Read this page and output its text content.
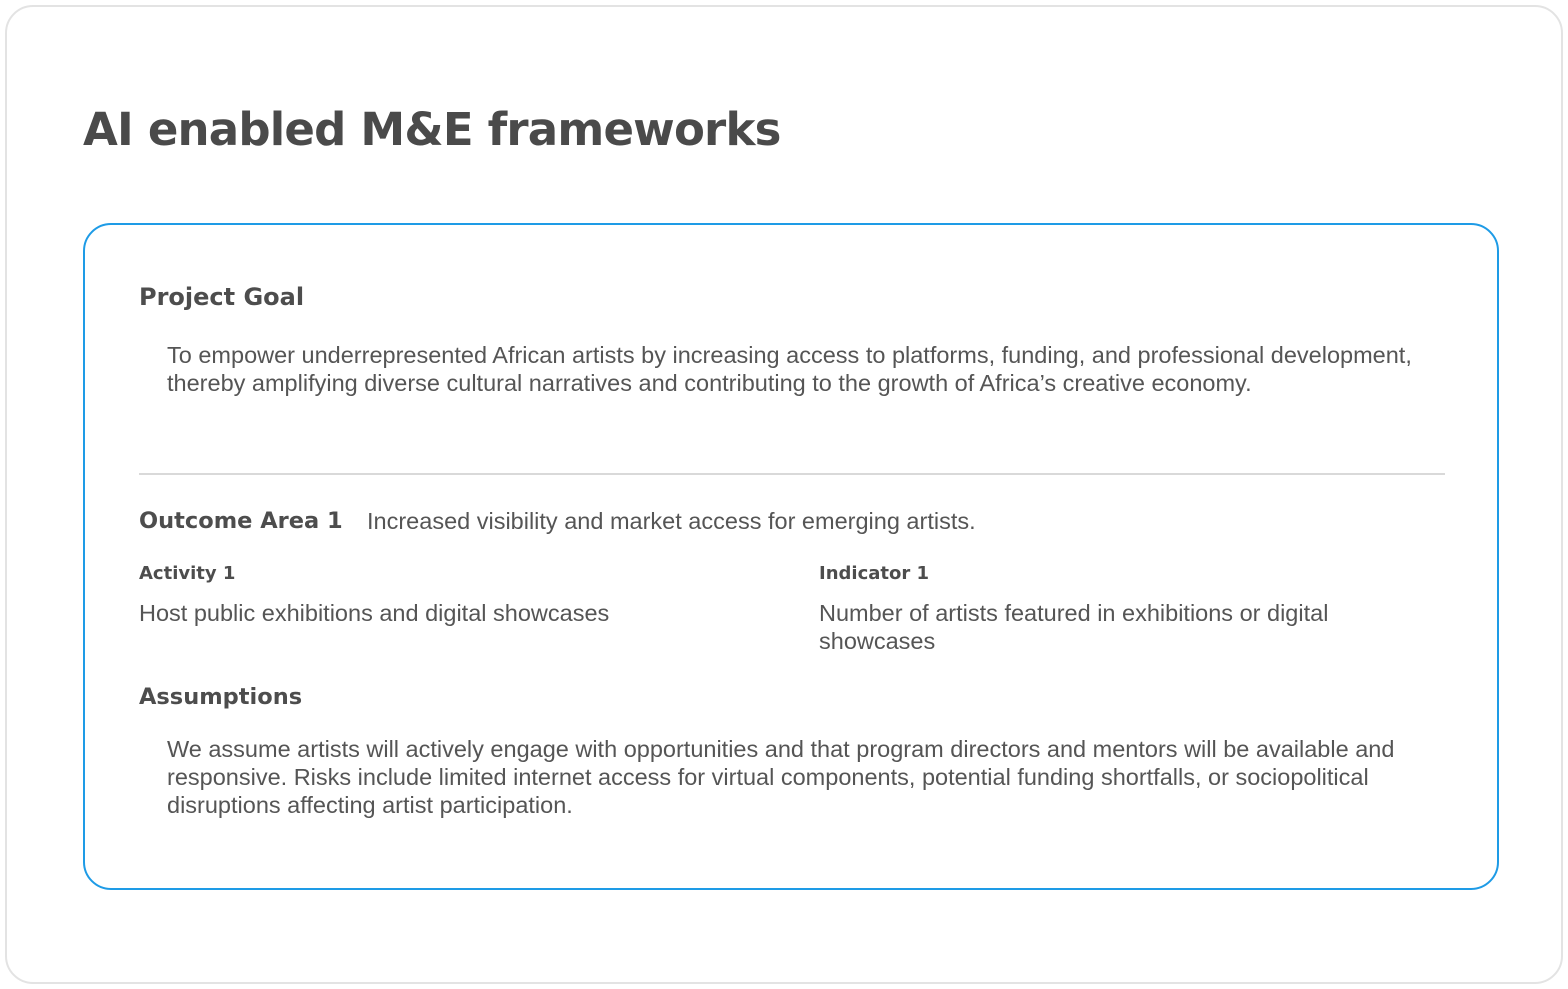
AI enabled M&E frameworks
Project Goal

To empower underrepresented African artists by increasing access to platforms, funding, and professional development, thereby amplifying diverse cultural narratives and contributing to the growth of Africa’s creative economy.

Outcome Area 1 Increased visibility and market access for emerging artists.

Activity 1

Host public exhibitions and digital showcases

Indicator 1

Number of artists featured in exhibitions or digital showcases

Assumptions

We assume artists will actively engage with opportunities and that program directors and mentors will be available and responsive. Risks include limited internet access for virtual components, potential funding shortfalls, or sociopolitical disruptions affecting artist participation.
